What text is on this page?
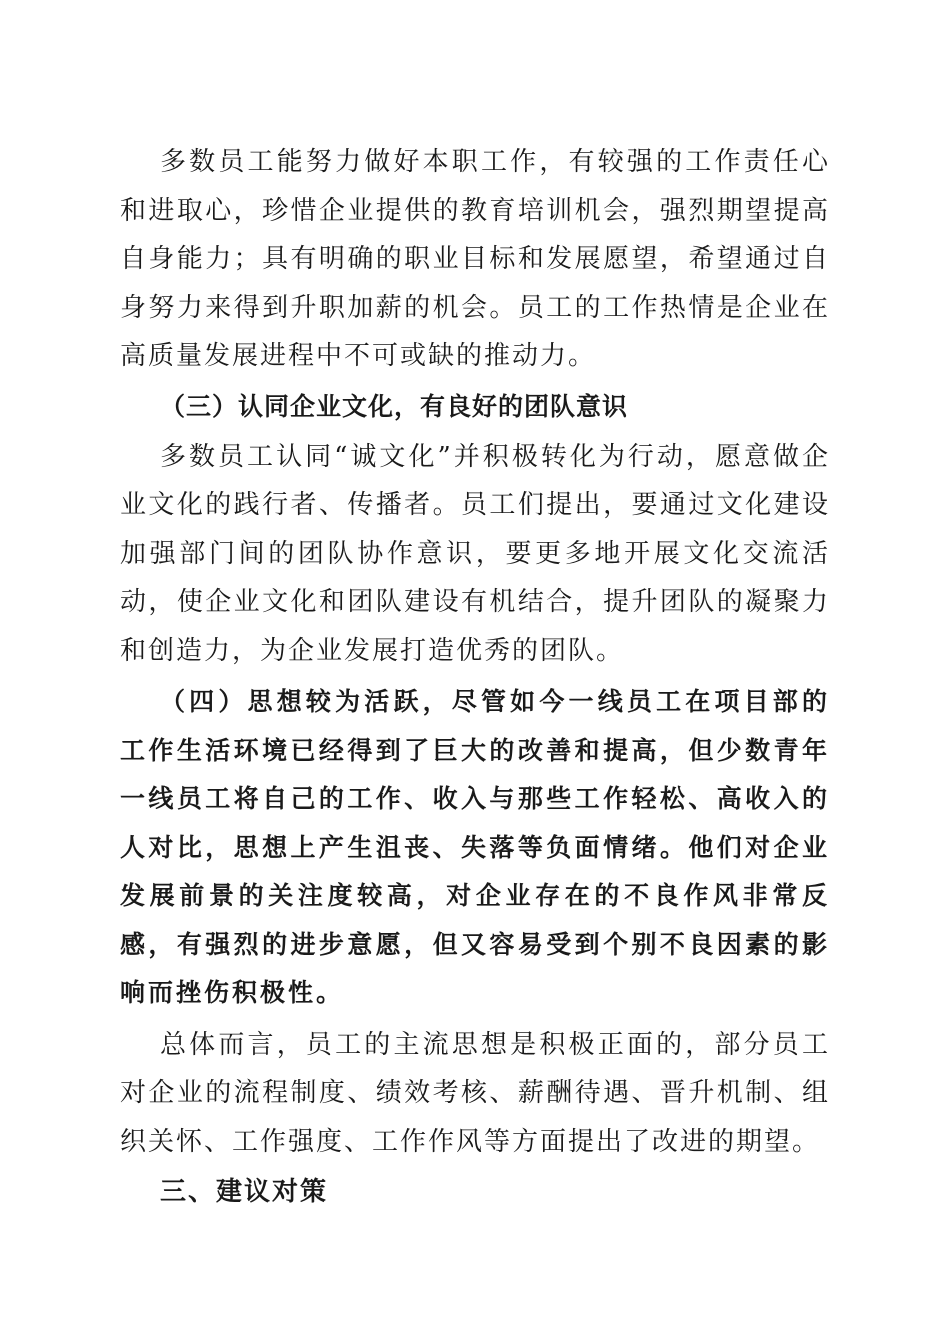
多数员工能努力做好本职工作，有较强的工作责任心和进取心，珍惜企业提供的教育培训机会，强烈期望提高自身能力；具有明确的职业目标和发展愿望，希望通过自身努力来得到升职加薪的机会。员工的工作热情是企业在高质量发展进程中不可或缺的推动力。

（三）认同企业文化，有良好的团队意识

多数员工认同“诚文化”并积极转化为行动，愿意做企业文化的践行者、传播者。员工们提出，要通过文化建设加强部门间的团队协作意识，要更多地开展文化交流活动，使企业文化和团队建设有机结合，提升团队的凝聚力和创造力，为企业发展打造优秀的团队。

（四）思想较为活跃，尽管如今一线员工在项目部的工作生活环境已经得到了巨大的改善和提高，但少数青年一线员工将自己的工作、收入与那些工作轻松、高收入的人对比，思想上产生沮丧、失落等负面情绪。他们对企业发展前景的关注度较高，对企业存在的不良作风非常反感，有强烈的进步意愿，但又容易受到个别不良因素的影响而挫伤积极性。

总体而言，员工的主流思想是积极正面的，部分员工对企业的流程制度、绩效考核、薪酬待遇、晋升机制、组织关怀、工作强度、工作作风等方面提出了改进的期望。

三、建议对策
